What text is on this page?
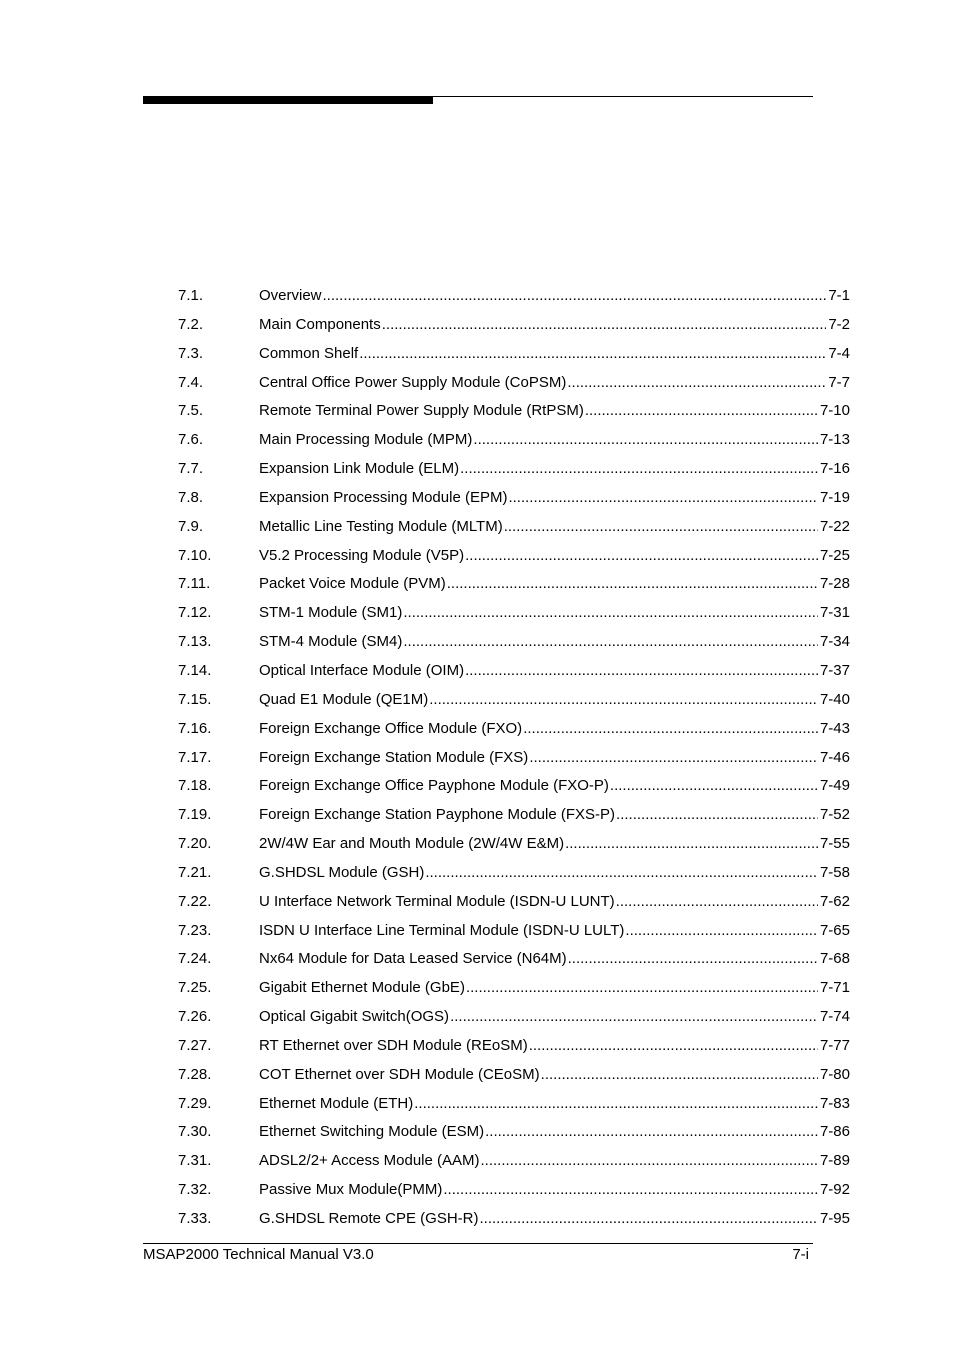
7.1.	Overview .....	7-1
7.2.	Main Components .....	7-2
7.3.	Common Shelf .....	7-4
7.4.	Central Office Power Supply Module (CoPSM) .....	7-7
7.5.	Remote Terminal Power Supply Module (RtPSM) .....	7-10
7.6.	Main Processing Module (MPM) .....	7-13
7.7.	Expansion Link Module (ELM) .....	7-16
7.8.	Expansion Processing Module (EPM) .....	7-19
7.9.	Metallic Line Testing Module (MLTM) .....	7-22
7.10.	V5.2 Processing Module (V5P) .....	7-25
7.11.	Packet Voice Module (PVM) .....	7-28
7.12.	STM-1 Module (SM1) .....	7-31
7.13.	STM-4 Module (SM4) .....	7-34
7.14.	Optical Interface Module (OIM) .....	7-37
7.15.	Quad E1 Module (QE1M) .....	7-40
7.16.	Foreign Exchange Office Module (FXO) .....	7-43
7.17.	Foreign Exchange Station Module (FXS) .....	7-46
7.18.	Foreign Exchange Office Payphone Module (FXO-P) .....	7-49
7.19.	Foreign Exchange Station Payphone Module (FXS-P) .....	7-52
7.20.	2W/4W Ear and Mouth Module (2W/4W E&M) .....	7-55
7.21.	G.SHDSL Module (GSH) .....	7-58
7.22.	U Interface Network Terminal Module (ISDN-U LUNT) .....	7-62
7.23.	ISDN U Interface Line Terminal Module (ISDN-U LULT) .....	7-65
7.24.	Nx64 Module for Data Leased Service (N64M) .....	7-68
7.25.	Gigabit Ethernet Module (GbE) .....	7-71
7.26.	Optical Gigabit Switch(OGS) .....	7-74
7.27.	RT Ethernet over SDH Module (REoSM) .....	7-77
7.28.	COT Ethernet over SDH Module (CEoSM) .....	7-80
7.29.	Ethernet Module (ETH) .....	7-83
7.30.	Ethernet Switching Module (ESM) .....	7-86
7.31.	ADSL2/2+ Access Module (AAM) .....	7-89
7.32.	Passive Mux Module(PMM) .....	7-92
7.33.	G.SHDSL Remote CPE (GSH-R) .....	7-95
MSAP2000 Technical Manual V3.0	7-i
